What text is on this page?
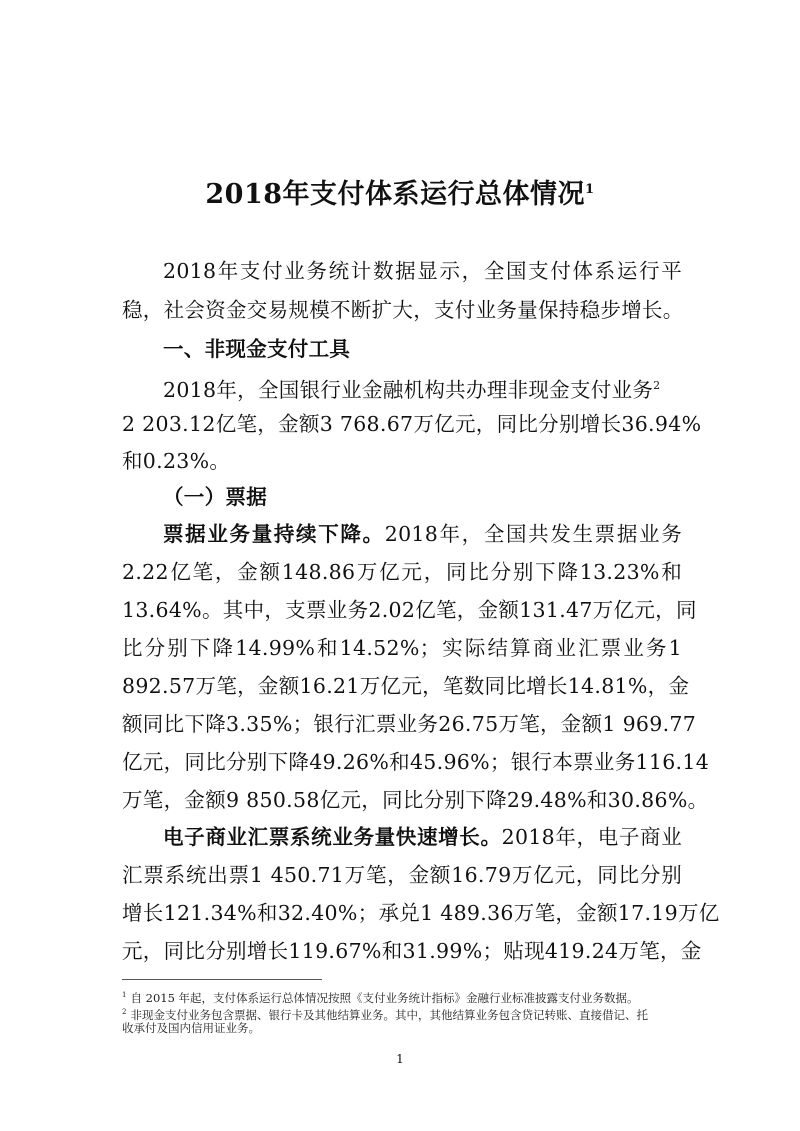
2018年支付体系运行总体情况$^1$
2018年支付业务统计数据显示，全国支付体系运行平
稳，社会资金交易规模不断扩大，支付业务量保持稳步增长。
一、非现金支付工具
2018年，全国银行业金融机构共办理非现金支付业务$^2$
2 203.12亿笔，金额3 768.67万亿元，同比分别增长36.94%
和0.23%。
（一）票据
票据业务量持续下降。2018年，全国共发生票据业务
2.22亿笔，金额148.86万亿元，同比分别下降13.23%和
13.64%。其中，支票业务2.02亿笔，金额131.47万亿元，同
比分别下降14.99%和14.52%；实际结算商业汇票业务1
892.57万笔，金额16.21万亿元，笔数同比增长14.81%，金
额同比下降3.35%；银行汇票业务26.75万笔，金额1 969.77
亿元，同比分别下降49.26%和45.96%；银行本票业务116.14
万笔，金额9 850.58亿元，同比分别下降29.48%和30.86%。
电子商业汇票系统业务量快速增长。2018年，电子商业
汇票系统出票1 450.71万笔，金额16.79万亿元，同比分别
增长121.34%和32.40%；承兑1 489.36万笔，金额17.19万亿
元，同比分别增长119.67%和31.99%；贴现419.24万笔，金
$^1$ 自 2015 年起，支付体系运行总体情况按照《支付业务统计指标》金融行业标准披露支付业务数据。
$^2$ 非现金支付业务包含票据、银行卡及其他结算业务。其中，其他结算业务包含贷记转账、直接借记、托
收承付及国内信用证业务。
1
